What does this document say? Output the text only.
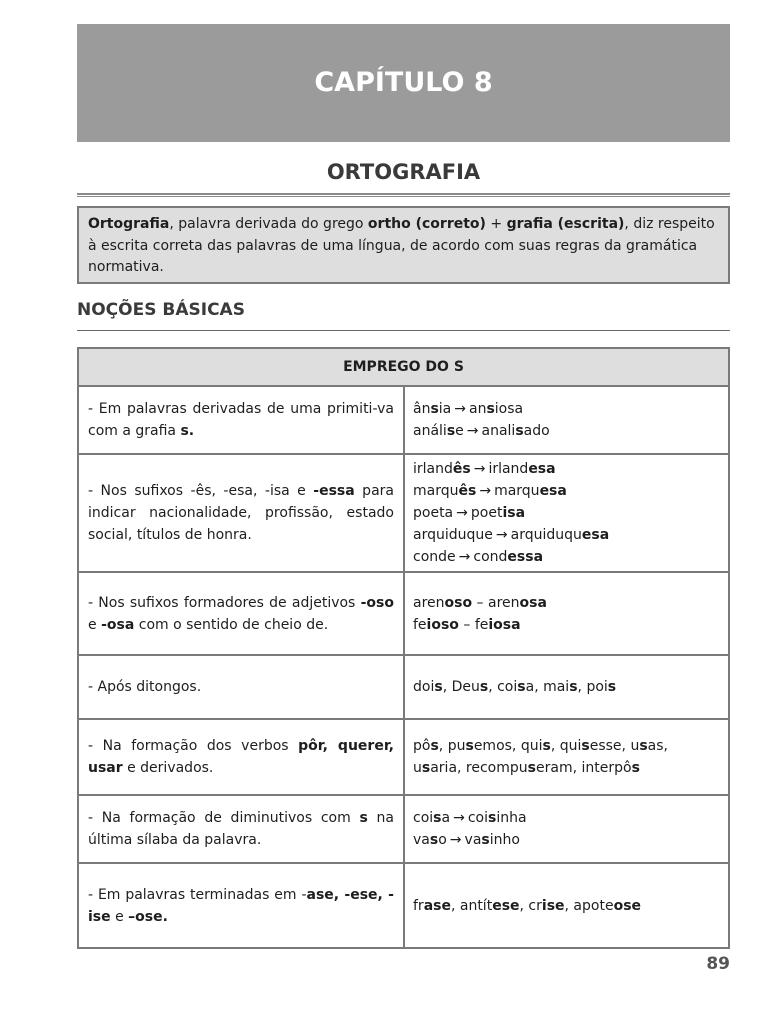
CAPÍTULO 8
ORTOGRAFIA
Ortografia, palavra derivada do grego ortho (correto) + grafia (escrita), diz respeito à escrita correta das palavras de uma língua, de acordo com suas regras da gramática normativa.
NOÇÕES BÁSICAS
EMPREGO DO S	
- Em palavras derivadas de uma primiti-va com a grafia s.	ânsia → ansiosa
análise → analisado

- Nos sufixos -ês, -esa, -isa e -essa para indicar nacionalidade, profissão, estado social, títulos de honra.	irlandês → irlandesa
marquês → marquesa
poeta → poetisa
arquiduque → arquiduquesa
conde → condessa

- Nos sufixos formadores de adjetivos -oso e -osa com o sentido de cheio de.	arenoso – arenosa
feioso – feiosa

- Após ditongos.	dois, Deus, coisa, mais, pois

- Na formação dos verbos pôr, querer, usar e derivados.	pôs, pusemos, quis, quisesse, usas,
usaria, recompuseram, interpôs

- Na formação de diminutivos com s na última sílaba da palavra.	coisa → coisinha
vaso → vasinho

- Em palavras terminadas em -ase, -ese, -ise e –ose.	frase, antítese, crise, apoteose
89
